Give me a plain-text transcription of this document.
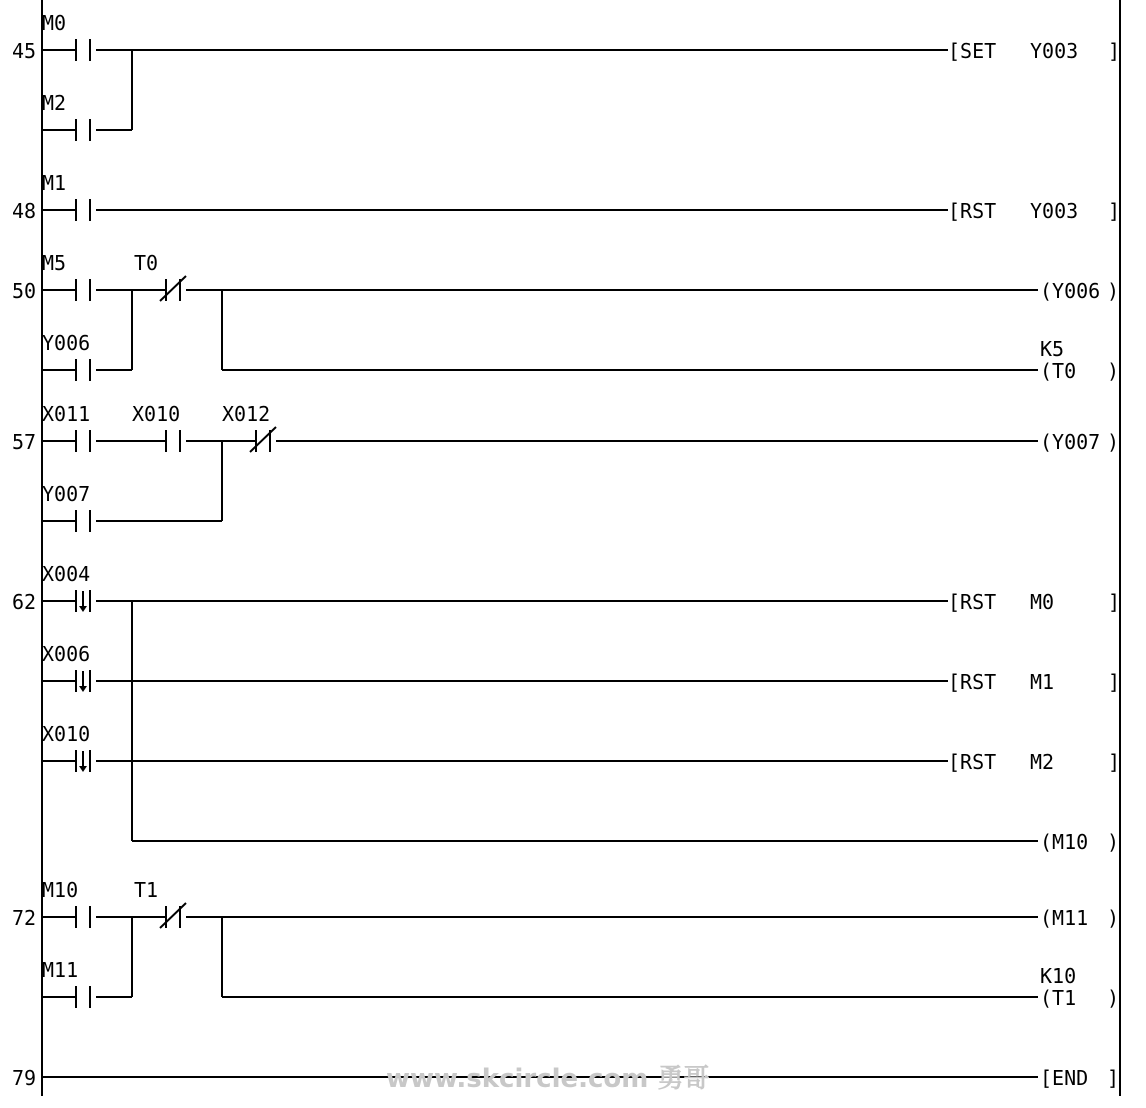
45
48
50
57
62
72
79
M0
M2
[SET Y003 ]
M1
[RST Y003 ]
M5	T0
Y006
(Y006 )
(T0 )
K5
X011 X010 X012
Y007
(Y007 )
X004
X006
X010
[RST M0	]
[RST M1	]
[RST M2	]
(M10 )
M10	T1
M11
(M11 )
(T1 )
K10
[END ]
www.skcircle.com 勇哥
